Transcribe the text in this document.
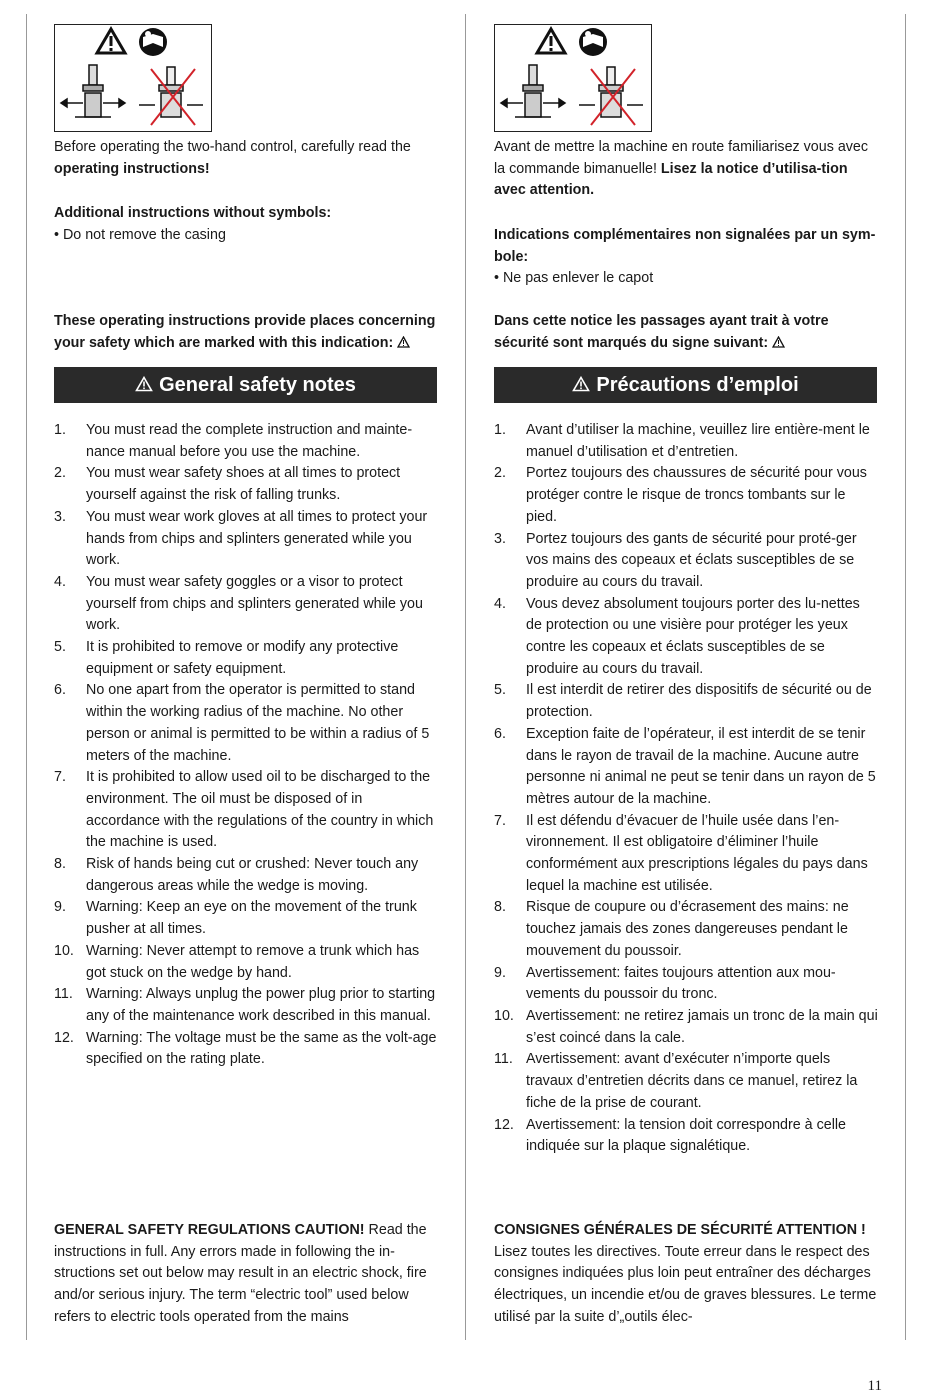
Before operating the two-hand control, carefully read the operating instructions!

Additional instructions without symbols:

• Do not remove the casing

These operating instructions provide places concerning your safety which are marked with this indication:

General safety notes
1. You must read the complete instruction and mainte-nance manual before you use the machine.
2. You must wear safety shoes at all times to protect yourself against the risk of falling trunks.
3. You must wear work gloves at all times to protect your hands from chips and splinters generated while you work.
4. You must wear safety goggles or a visor to protect yourself from chips and splinters generated while you work.
5. It is prohibited to remove or modify any protective equipment or safety equipment.
6. No one apart from the operator is permitted to stand within the working radius of the machine. No other person or animal is permitted to be within a radius of 5 meters of the machine.
7. It is prohibited to allow used oil to be discharged to the environment. The oil must be disposed of in accordance with the regulations of the country in which the machine is used.
8. Risk of hands being cut or crushed: Never touch any dangerous areas while the wedge is moving.
9. Warning: Keep an eye on the movement of the trunk pusher at all times.
10. Warning: Never attempt to remove a trunk which has got stuck on the wedge by hand.
11. Warning: Always unplug the power plug prior to starting any of the maintenance work described in this manual.
12. Warning: The voltage must be the same as the volt-age specified on the rating plate.

GENERAL SAFETY REGULATIONS CAUTION! Read the instructions in full. Any errors made in following the in-structions set out below may result in an electric shock, fire and/or serious injury. The term “electric tool” used below refers to electric tools operated from the mains

Avant de mettre la machine en route familiarisez vous avec la commande bimanuelle! Lisez la notice d’utilisa-tion avec attention.

Indications complémentaires non signalées par un sym-bole:

• Ne pas enlever le capot

Dans cette notice les passages ayant trait à votre sécurité sont marqués du signe suivant:

Précautions d’emploi
1. Avant d’utiliser la machine, veuillez lire entière-ment le manuel d’utilisation et d’entretien.
2. Portez toujours des chaussures de sécurité pour vous protéger contre le risque de troncs tombants sur le pied.
3. Portez toujours des gants de sécurité pour proté-ger vos mains des copeaux et éclats susceptibles de se produire au cours du travail.
4. Vous devez absolument toujours porter des lu-nettes de protection ou une visière pour protéger les yeux contre les copeaux et éclats susceptibles de se produire au cours du travail.
5. Il est interdit de retirer des dispositifs de sécurité ou de protection.
6. Exception faite de l’opérateur, il est interdit de se tenir dans le rayon de travail de la machine. Aucune autre personne ni animal ne peut se tenir dans un rayon de 5 mètres autour de la machine.
7. Il est défendu d’évacuer de l’huile usée dans l’en-vironnement. Il est obligatoire d’éliminer l’huile conformément aux prescriptions légales du pays dans lequel la machine est utilisée.
8. Risque de coupure ou d’écrasement des mains: ne touchez jamais des zones dangereuses pendant le mouvement du poussoir.
9. Avertissement: faites toujours attention aux mou-vements du poussoir du tronc.
10. Avertissement: ne retirez jamais un tronc de la main qui s’est coincé dans la cale.
11. Avertissement: avant d’exécuter n’importe quels travaux d’entretien décrits dans ce manuel, retirez la fiche de la prise de courant.
12. Avertissement: la tension doit correspondre à celle indiquée sur la plaque signalétique.

CONSIGNES GÉNÉRALES DE SÉCURITÉ ATTENTION ! Lisez toutes les directives. Toute erreur dans le respect des consignes indiquées plus loin peut entraîner des décharges électriques, un incendie et/ou de graves blessures. Le terme utilisé par la suite d’„outils élec-

11
